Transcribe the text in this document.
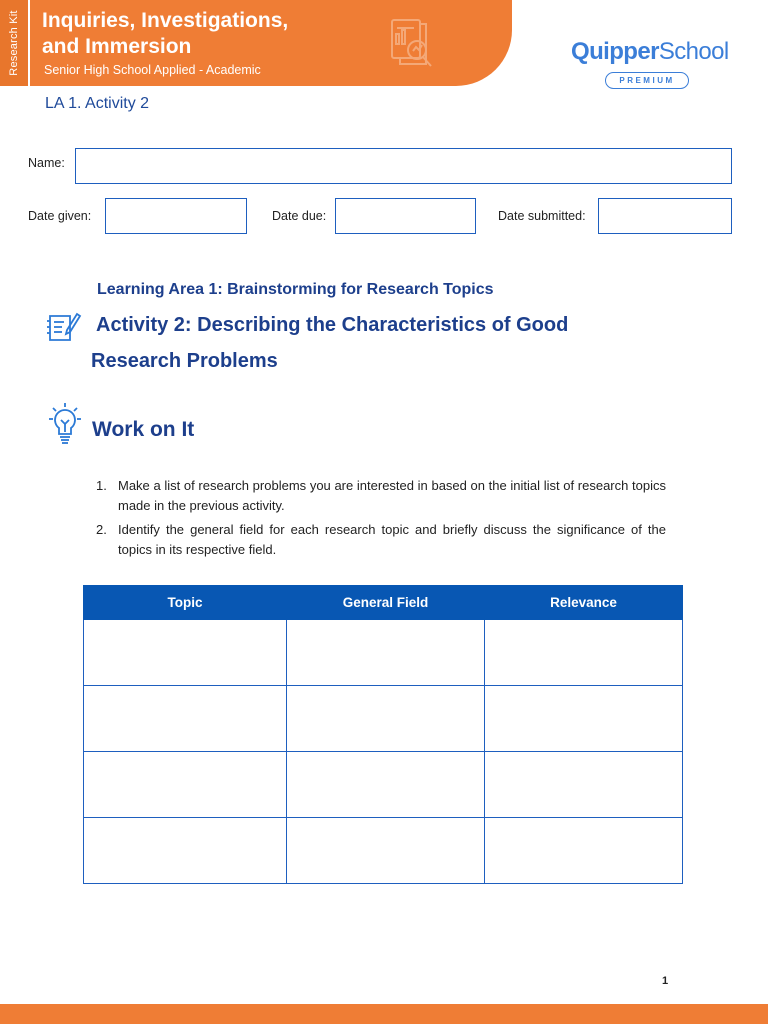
Research Kit Inquiries, Investigations,
and Immersion
Senior High School Applied - Academic
QuipperSchool
PREMIUM
LA 1. Activity 2
Name:
Date given:	Date due:	Date submitted:
Learning Area 1: Brainstorming for Research Topics
Activity 2: Describing the Characteristics of Good
Research Problems
Work on It
1. Make a list of research problems you are interested in based on the initial list of research topics made in the previous activity.
2. Identify the general field for each research topic and briefly discuss the significance of the topics in its respective field.
Topic	General Field	Relevance

1
